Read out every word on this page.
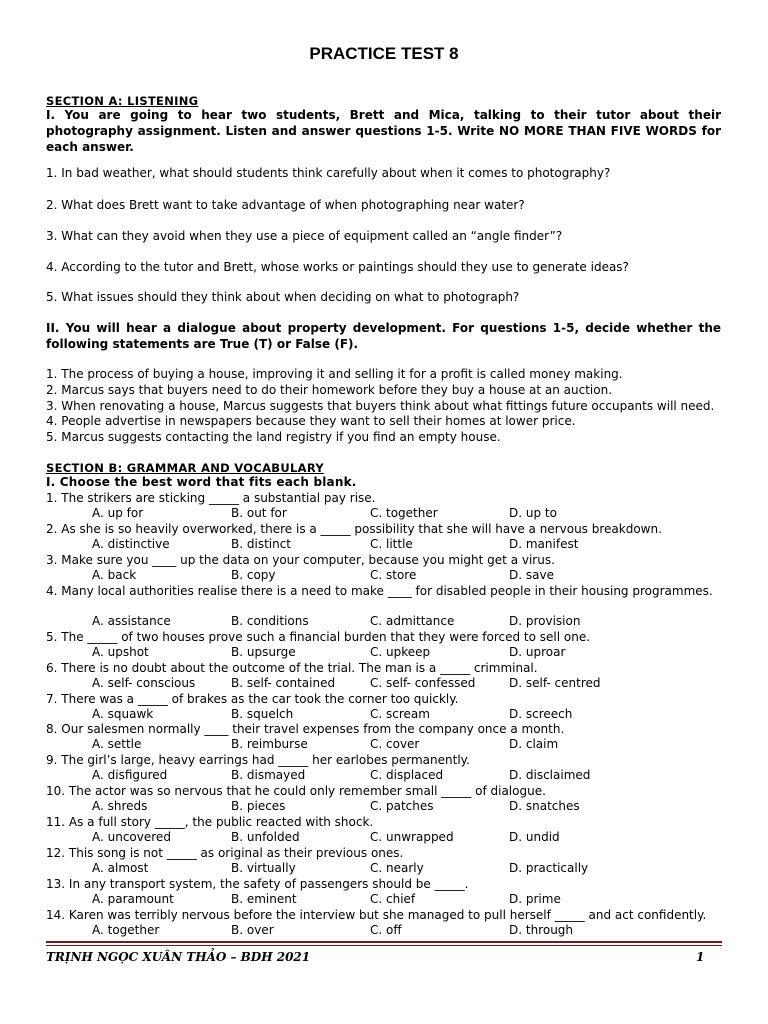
PRACTICE TEST 8
SECTION A: LISTENING
I. You are going to hear two students, Brett and Mica, talking to their tutor about their photography assignment. Listen and answer questions 1-5. Write NO MORE THAN FIVE WORDS for each answer.
1. In bad weather, what should students think carefully about when it comes to photography?
2. What does Brett want to take advantage of when photographing near water?
3. What can they avoid when they use a piece of equipment called an “angle finder”?
4. According to the tutor and Brett, whose works or paintings should they use to generate ideas?
5. What issues should they think about when deciding on what to photograph?
II. You will hear a dialogue about property development. For questions 1-5, decide whether the following statements are True (T) or False (F).
1. The process of buying a house, improving it and selling it for a profit is called money making.
2. Marcus says that buyers need to do their homework before they buy a house at an auction.
3. When renovating a house, Marcus suggests that buyers think about what fittings future occupants will need.
4. People advertise in newspapers because they want to sell their homes at lower price.
5. Marcus suggests contacting the land registry if you find an empty house.
SECTION B: GRAMMAR AND VOCABULARY
I. Choose the best word that fits each blank.
1. The strikers are sticking _____ a substantial pay rise.
A. up for	B. out for	C. together	D. up to
2. As she is so heavily overworked, there is a _____ possibility that she will have a nervous breakdown.
A. distinctive	B. distinct	C. little	D. manifest
3. Make sure you ____ up the data on your computer, because you might get a virus.
A. back	B. copy	C. store	D. save
4. Many local authorities realise there is a need to make ____ for disabled people in their housing programmes.
A. assistance	B. conditions	C. admittance	D. provision
5. The _____ of two houses prove such a financial burden that they were forced to sell one.
A. upshot	B. upsurge	C. upkeep	D. uproar
6. There is no doubt about the outcome of the trial. The man is a _____ crimminal.
A. self- conscious	B. self- contained	C. self- confessed	D. self- centred
7. There was a _____ of brakes as the car took the corner too quickly.
A. squawk	B. squelch	C. scream	D. screech
8. Our salesmen normally ____ their travel expenses from the company once a month.
A. settle	B. reimburse	C. cover	D. claim
9. The girl’s large, heavy earrings had _____ her earlobes permanently.
A. disfigured	B. dismayed	C. displaced	D. disclaimed
10. The actor was so nervous that he could only remember small _____ of dialogue.
A. shreds	B. pieces	C. patches	D. snatches
11. As a full story _____, the public reacted with shock.
A. uncovered	B. unfolded	C. unwrapped	D. undid
12. This song is not _____ as original as their previous ones.
A. almost	B. virtually	C. nearly	D. practically
13. In any transport system, the safety of passengers should be _____.
A. paramount	B. eminent	C. chief	D. prime
14. Karen was terribly nervous before the interview but she managed to pull herself _____ and act confidently.
A. together	B. over	C. off	D. through
TRỊNH NGỌC XUÂN THẢO – BDH 2021	1
